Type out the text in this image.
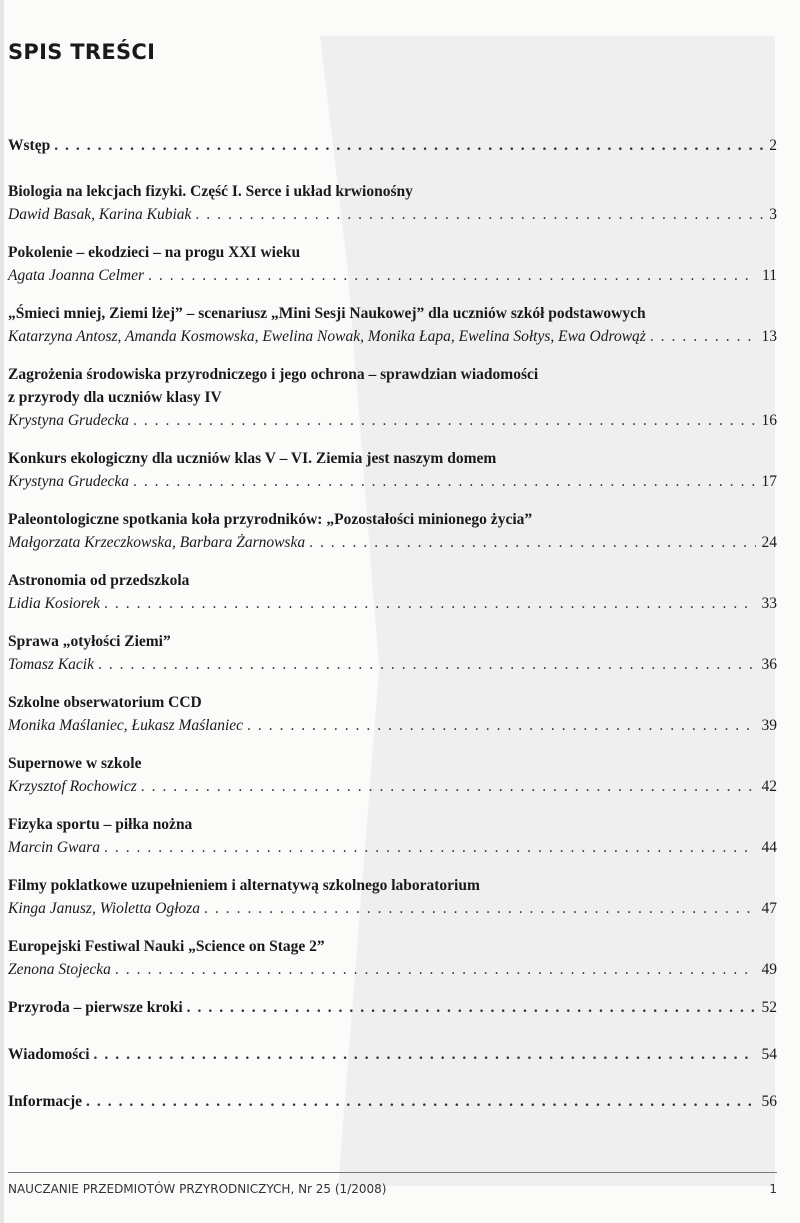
SPIS TREŚCI
Wstęp . . .	2
Biologia na lekcjach fizyki. Część I. Serce i układ krwionośny
Dawid Basak, Karina Kubiak . . .	3
Pokolenie – ekodzieci – na progu XXI wieku
Agata Joanna Celmer . . .	11
„Śmieci mniej, Ziemi lżej” – scenariusz „Mini Sesji Naukowej” dla uczniów szkół podstawowych
Katarzyna Antosz, Amanda Kosmowska, Ewelina Nowak, Monika Łapa, Ewelina Sołtys, Ewa Odrowąż . . .	13
Zagrożenia środowiska przyrodniczego i jego ochrona – sprawdzian wiadomości
z przyrody dla uczniów klasy IV
Krystyna Grudecka . . .	16
Konkurs ekologiczny dla uczniów klas V – VI. Ziemia jest naszym domem
Krystyna Grudecka . . .	17
Paleontologiczne spotkania koła przyrodników: „Pozostałości minionego życia”
Małgorzata Krzeczkowska, Barbara Żarnowska . . .	24
Astronomia od przedszkola
Lidia Kosiorek . . .	33
Sprawa „otyłości Ziemi”
Tomasz Kacik . . .	36
Szkolne obserwatorium CCD
Monika Maślaniec, Łukasz Maślaniec . . .	39
Supernowe w szkole
Krzysztof Rochowicz . . .	42
Fizyka sportu – piłka nożna
Marcin Gwara . . .	44
Filmy poklatkowe uzupełnieniem i alternatywą szkolnego laboratorium
Kinga Janusz, Wioletta Ogłoza . . .	47
Europejski Festiwal Nauki „Science on Stage 2”
Zenona Stojecka . . .	49
Przyroda – pierwsze kroki . . .	52
Wiadomości . . .	54
Informacje . . .	56
NAUCZANIE PRZEDMIOTÓW PRZYRODNICZYCH, Nr 25 (1/2008)	1
